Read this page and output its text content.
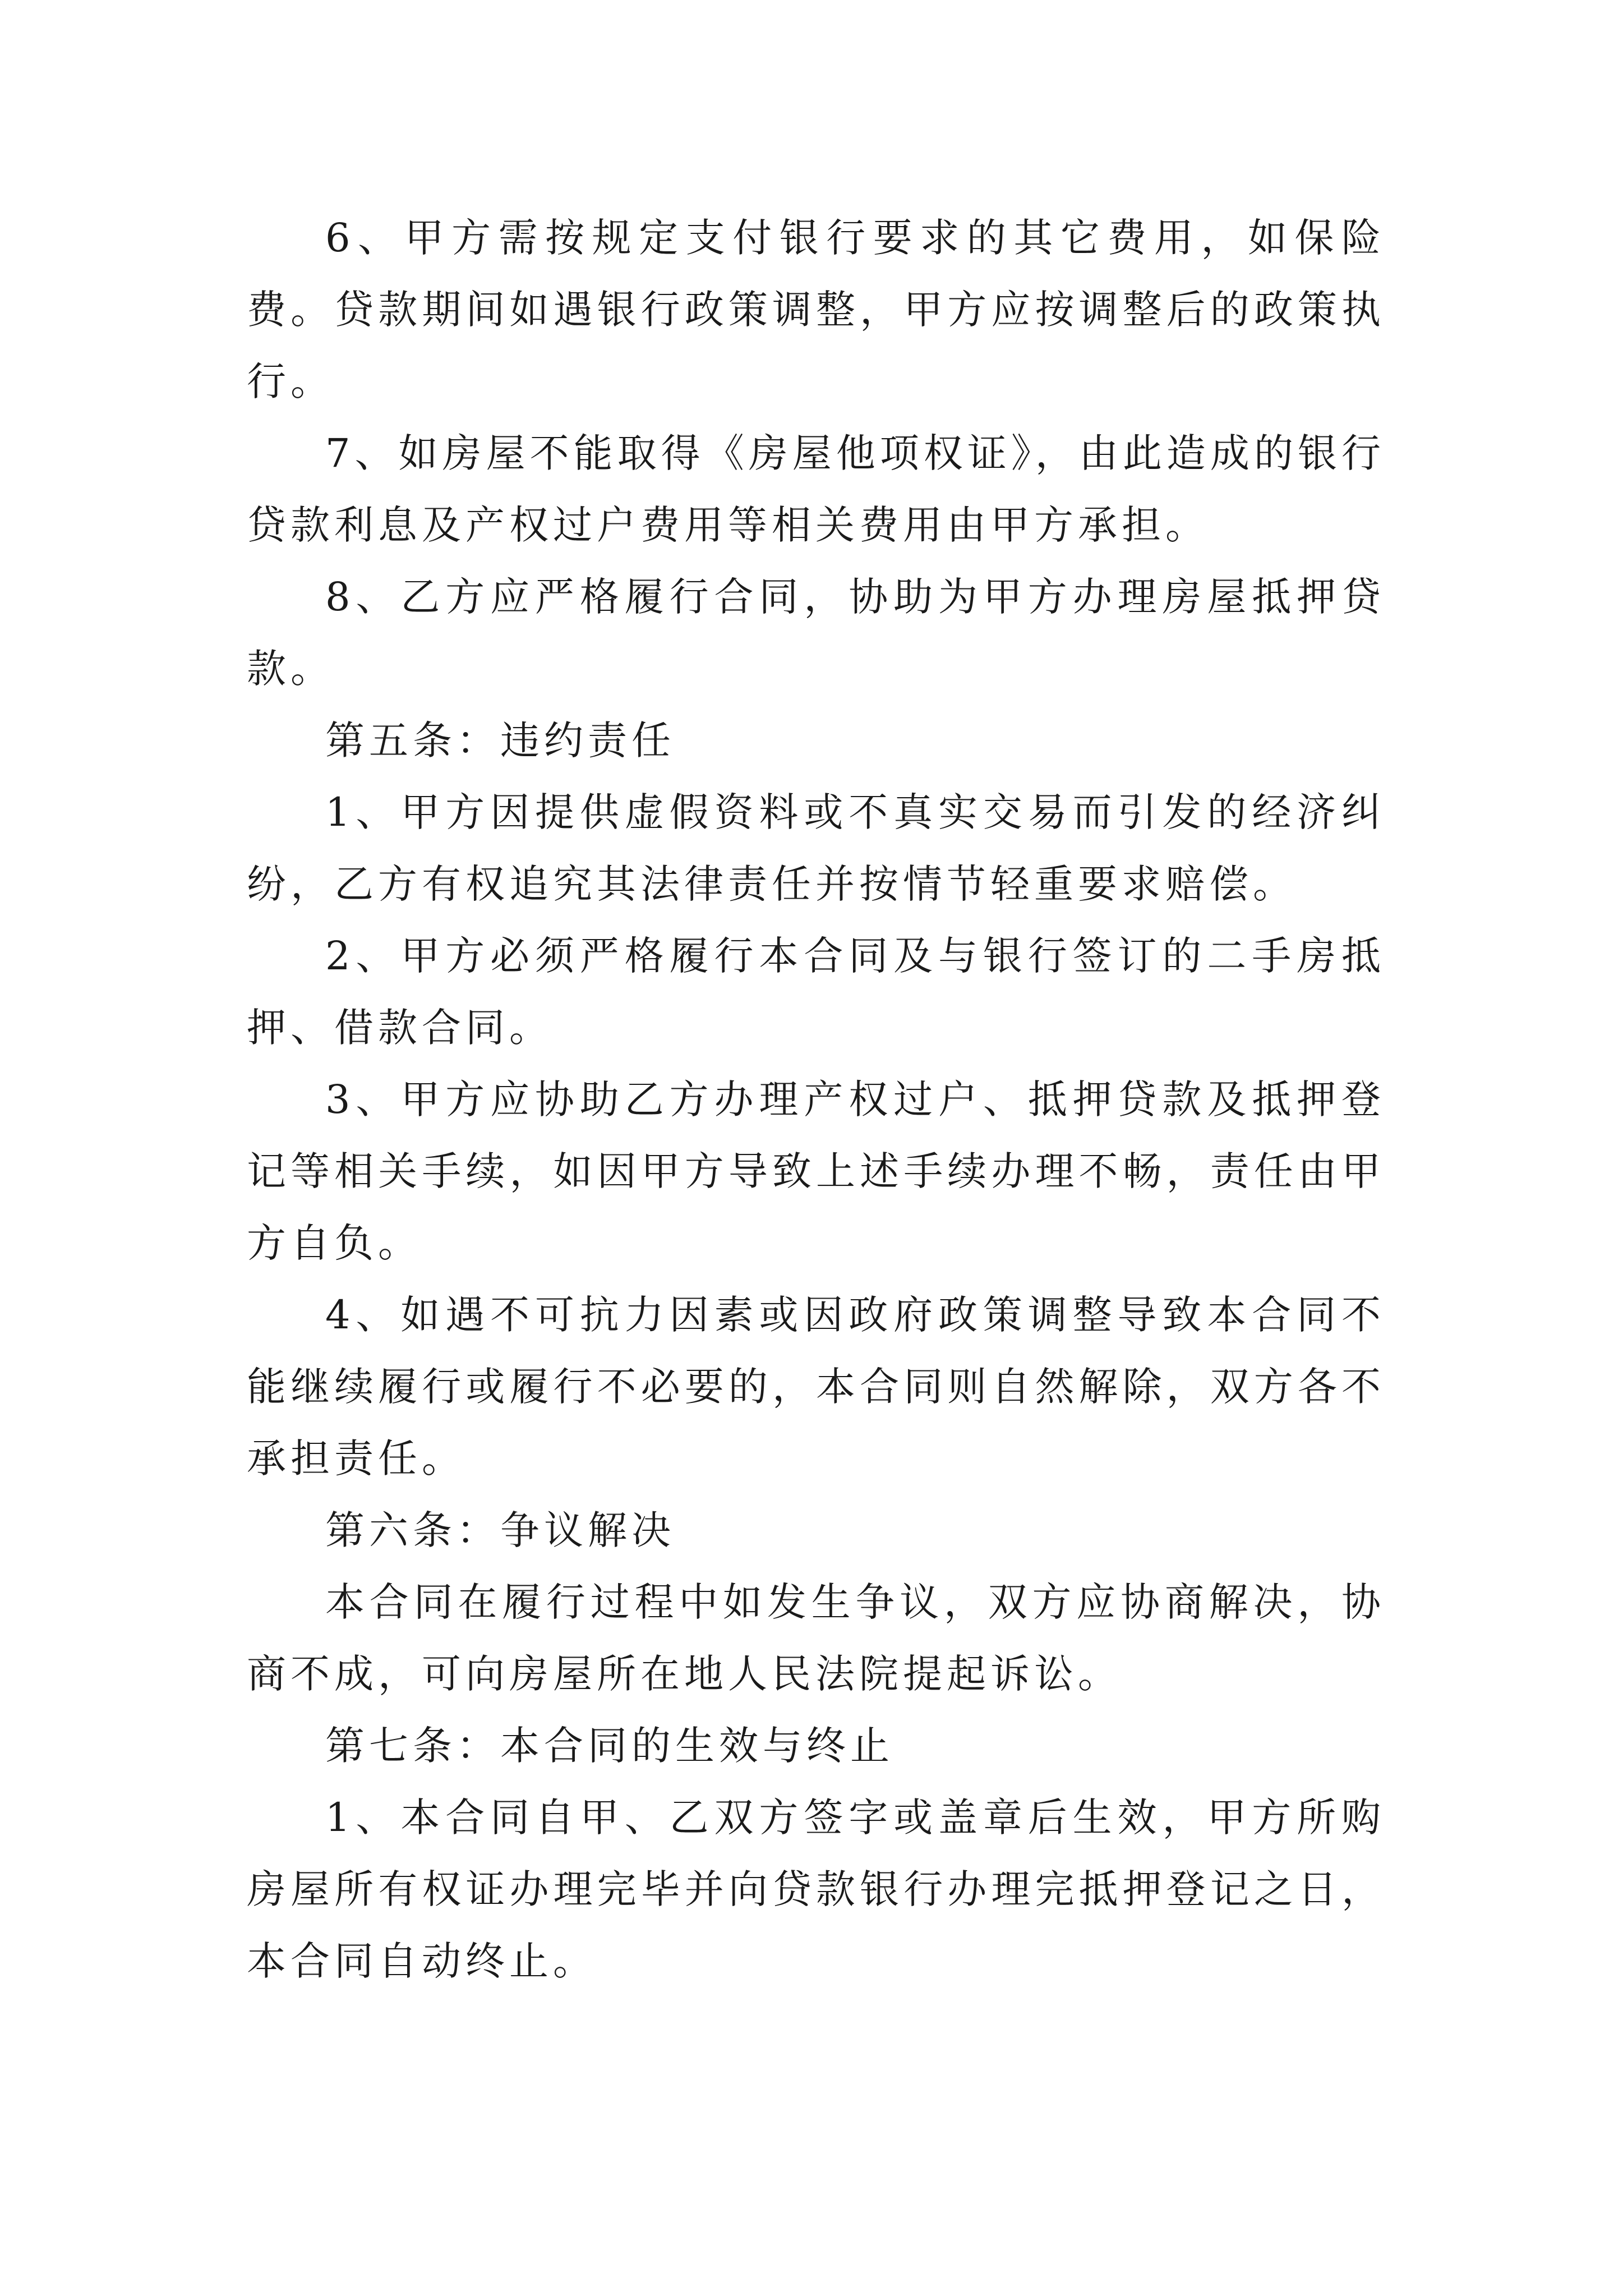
6、甲方需按规定支付银行要求的其它费用，如保险费。贷款期间如遇银行政策调整，甲方应按调整后的政策执行。

7、如房屋不能取得《房屋他项权证》，由此造成的银行贷款利息及产权过户费用等相关费用由甲方承担。

8、乙方应严格履行合同，协助为甲方办理房屋抵押贷款。

第五条：违约责任

1、甲方因提供虚假资料或不真实交易而引发的经济纠纷，乙方有权追究其法律责任并按情节轻重要求赔偿。

2、甲方必须严格履行本合同及与银行签订的二手房抵押、借款合同。

3、甲方应协助乙方办理产权过户、抵押贷款及抵押登记等相关手续，如因甲方导致上述手续办理不畅，责任由甲方自负。

4、如遇不可抗力因素或因政府政策调整导致本合同不能继续履行或履行不必要的，本合同则自然解除，双方各不承担责任。

第六条：争议解决

本合同在履行过程中如发生争议，双方应协商解决，协商不成，可向房屋所在地人民法院提起诉讼。

第七条：本合同的生效与终止

1、本合同自甲、乙双方签字或盖章后生效，甲方所购房屋所有权证办理完毕并向贷款银行办理完抵押登记之日，本合同自动终止。
